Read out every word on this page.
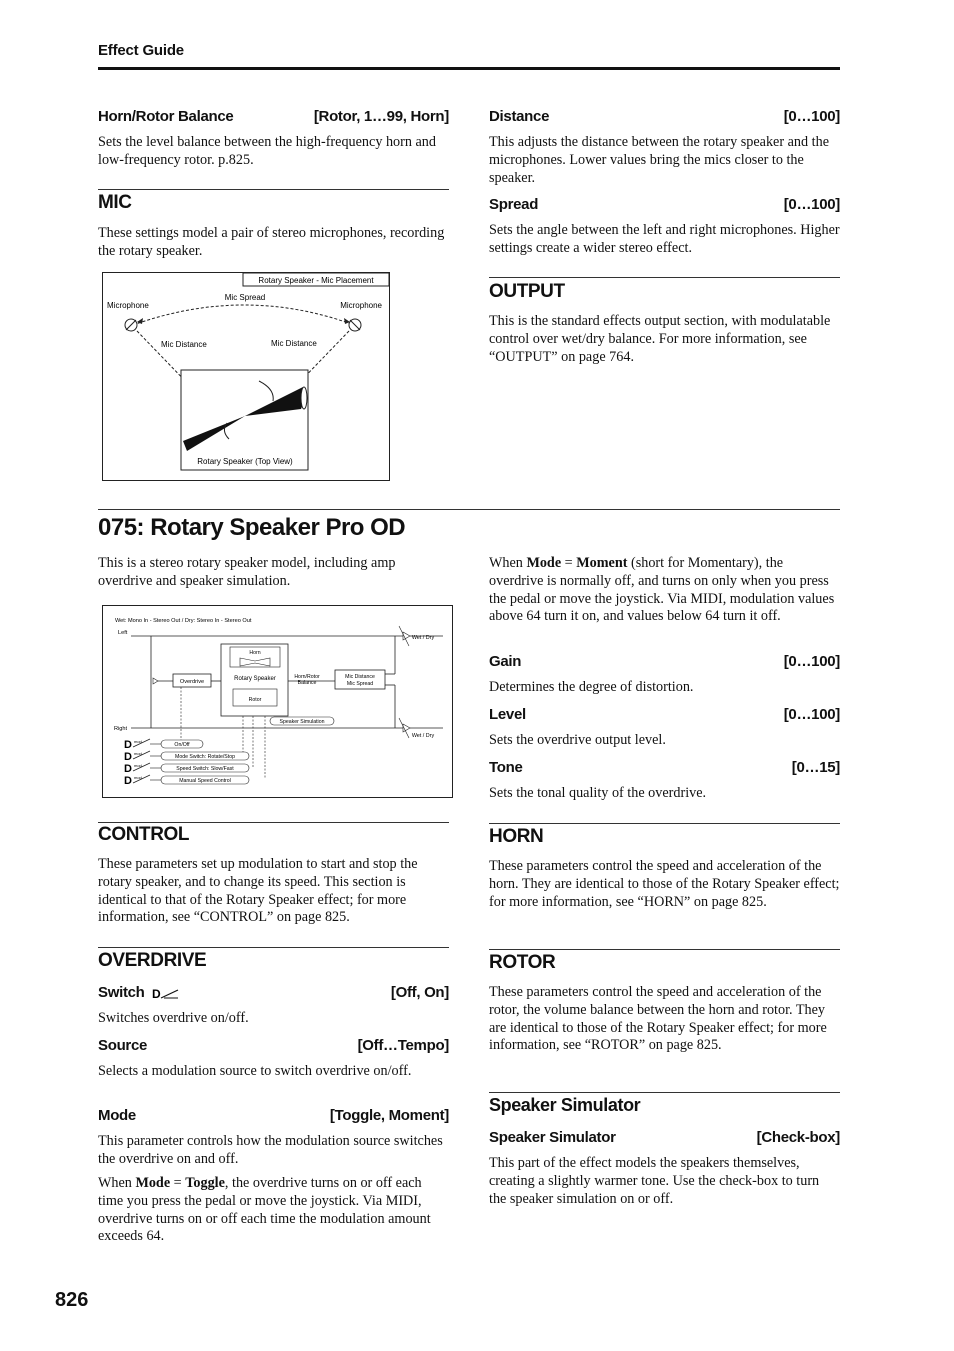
Effect Guide
Horn/Rotor Balance	[Rotor, 1…99, Horn]

Sets the level balance between the high-frequency horn and low-frequency rotor. p.825.

MIC

These settings model a pair of stereo microphones, recording the rotary speaker.

Rotary Speaker - Mic Placement
Microphone	Microphone
Mic Spread
Mic Distance	Mic Distance
Rotary Speaker (Top View)
Distance	[0…100]

This adjusts the distance between the rotary speaker and the microphones. Lower values bring the mics closer to the speaker.

Spread	[0…100]

Sets the angle between the left and right microphones. Higher settings create a wider stereo effect.

OUTPUT

This is the standard effects output section, with modulatable control over wet/dry balance. For more information, see “OUTPUT” on page 764.

075: Rotary Speaker Pro OD

This is a stereo rotary speaker model, including amp overdrive and speaker simulation.

Wet: Mono In - Stereo Out / Dry: Stereo In - Stereo Out
Left
Right
Overdrive
Horn
Rotary Speaker
Rotor
Horn/Rotor
Balance
Mic Distance
Mic Spread
Wet / Dry
Wet / Dry
Speaker Simulation
D mod
On/Off
D mod
Mode Switch: Rotate/Stop
D mod
Speed Switch: Slow/Fast
D mod
Manual Speed Control

When Mode = Moment (short for Momentary), the overdrive is normally off, and turns on only when you press the pedal or move the joystick. Via MIDI, modulation values above 64 turn it on, and values below 64 turn it off.

Gain	[0…100]

Determines the degree of distortion.

Level	[0…100]

Sets the overdrive output level.

Tone	[0…15]

Sets the tonal quality of the overdrive.

HORN

These parameters control the speed and acceleration of the horn. They are identical to those of the Rotary Speaker effect; for more information, see “HORN” on page 825.

ROTOR

These parameters control the speed and acceleration of the rotor, the volume balance between the horn and rotor. They are identical to those of the Rotary Speaker effect; for more information, see “ROTOR” on page 825.

Speaker Simulator
Speaker Simulator	[Check-box]

This part of the effect models the speakers themselves, creating a slightly warmer tone. Use the check-box to turn the speaker simulation on or off.

CONTROL

These parameters set up modulation to start and stop the rotary speaker, and to change its speed. This section is identical to that of the Rotary Speaker effect; for more information, see “CONTROL” on page 825.

OVERDRIVE
Switch D	[Off, On]

Switches overdrive on/off.

Source	[Off…Tempo]

Selects a modulation source to switch overdrive on/off.

Mode	[Toggle, Moment]

This parameter controls how the modulation source switches the overdrive on and off.

When Mode = Toggle, the overdrive turns on or off each time you press the pedal or move the joystick. Via MIDI, overdrive turns on or off each time the modulation amount exceeds 64.

826
